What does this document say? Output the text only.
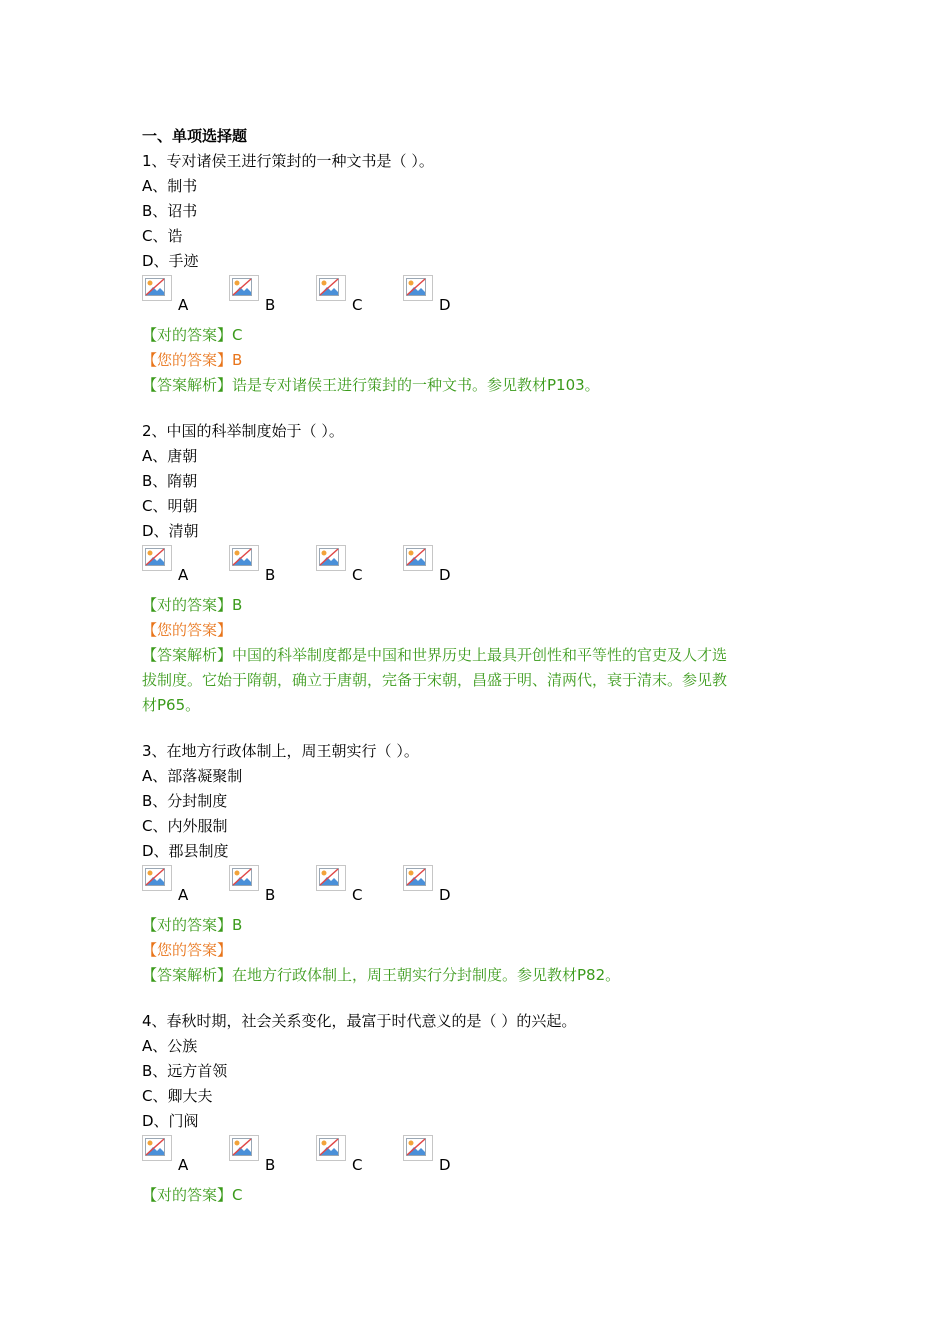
一、单项选择题
1、专对诸侯王进行策封的一种文书是（ ）。
A、制书
B、诏书
C、诰
D、手迹
A	B	C	D
【对的答案】C
【您的答案】B
【答案解析】诰是专对诸侯王进行策封的一种文书。参见教材P103。
2、中国的科举制度始于（ ）。
A、唐朝
B、隋朝
C、明朝
D、清朝
A	B	C	D
【对的答案】B
【您的答案】
【答案解析】中国的科举制度都是中国和世界历史上最具开创性和平等性的官吏及人才选
拔制度。它始于隋朝，确立于唐朝，完备于宋朝，昌盛于明、清两代，衰于清末。参见教
材P65。
3、在地方行政体制上，周王朝实行（ ）。
A、部落凝聚制
B、分封制度
C、内外服制
D、郡县制度
A	B	C	D
【对的答案】B
【您的答案】
【答案解析】在地方行政体制上，周王朝实行分封制度。参见教材P82。
4、春秋时期，社会关系变化，最富于时代意义的是（ ）的兴起。
A、公族
B、远方首领
C、卿大夫
D、门阀
A	B	C	D
【对的答案】C
